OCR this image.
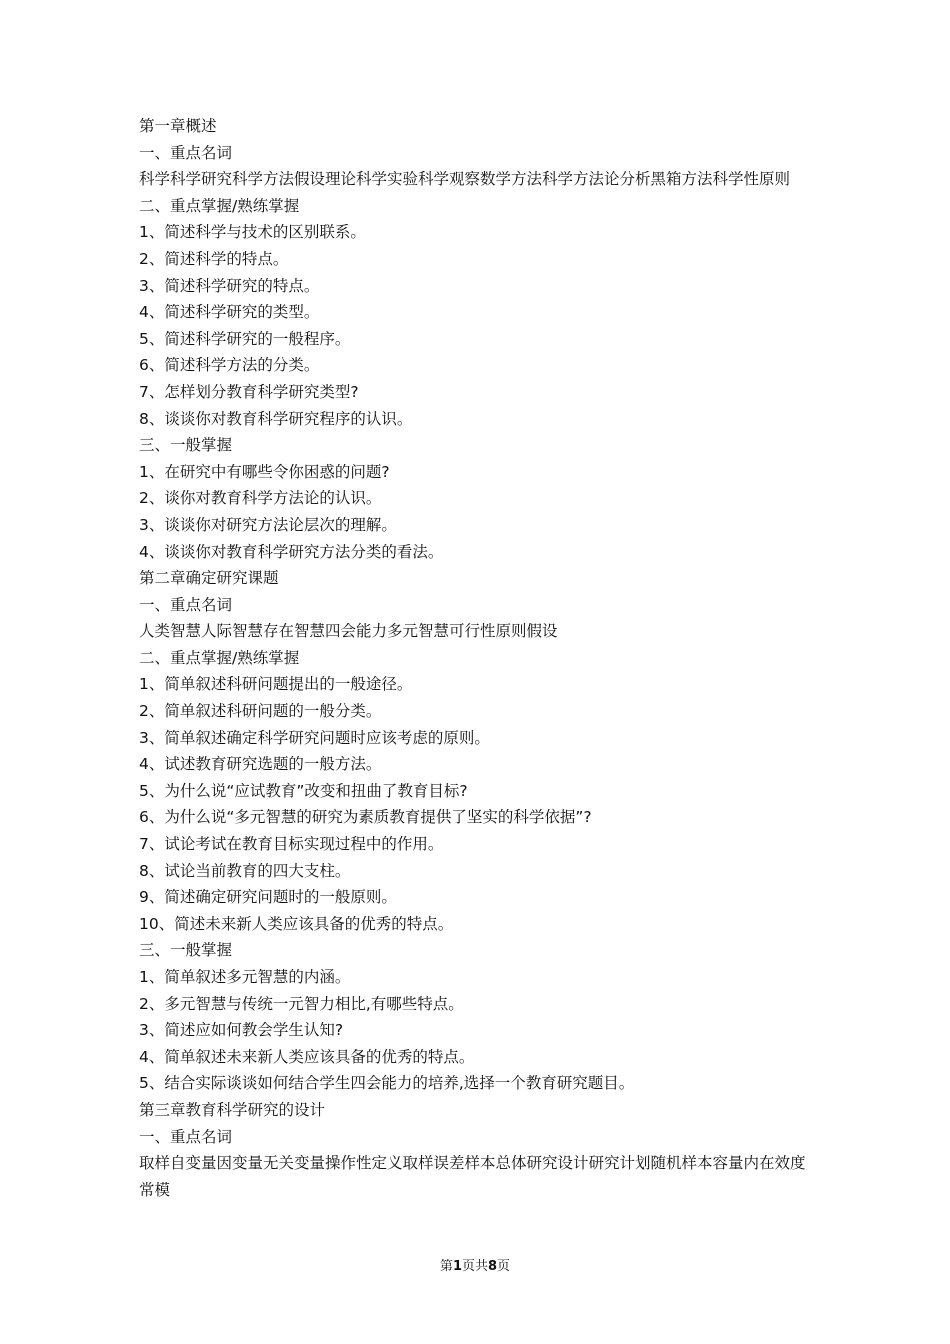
第一章概述
一、重点名词
科学科学研究科学方法假设理论科学实验科学观察数学方法科学方法论分析黑箱方法科学性原则
二、重点掌握/熟练掌握
1、简述科学与技术的区别联系。
2、简述科学的特点。
3、简述科学研究的特点。
4、简述科学研究的类型。
5、简述科学研究的一般程序。
6、简述科学方法的分类。
7、怎样划分教育科学研究类型?
8、谈谈你对教育科学研究程序的认识。
三、一般掌握
1、在研究中有哪些令你困惑的问题?
2、谈你对教育科学方法论的认识。
3、谈谈你对研究方法论层次的理解。
4、谈谈你对教育科学研究方法分类的看法。
第二章确定研究课题
一、重点名词
人类智慧人际智慧存在智慧四会能力多元智慧可行性原则假设
二、重点掌握/熟练掌握
1、简单叙述科研问题提出的一般途径。
2、简单叙述科研问题的一般分类。
3、简单叙述确定科学研究问题时应该考虑的原则。
4、试述教育研究选题的一般方法。
5、为什么说“应试教育”改变和扭曲了教育目标?
6、为什么说“多元智慧的研究为素质教育提供了坚实的科学依据”?
7、试论考试在教育目标实现过程中的作用。
8、试论当前教育的四大支柱。
9、简述确定研究问题时的一般原则。
10、简述未来新人类应该具备的优秀的特点。
三、一般掌握
1、简单叙述多元智慧的内涵。
2、多元智慧与传统一元智力相比,有哪些特点。
3、简述应如何教会学生认知?
4、简单叙述未来新人类应该具备的优秀的特点。
5、结合实际谈谈如何结合学生四会能力的培养,选择一个教育研究题目。
第三章教育科学研究的设计
一、重点名词
取样自变量因变量无关变量操作性定义取样误差样本总体研究设计研究计划随机样本容量内在效度常模
第1页共8页
